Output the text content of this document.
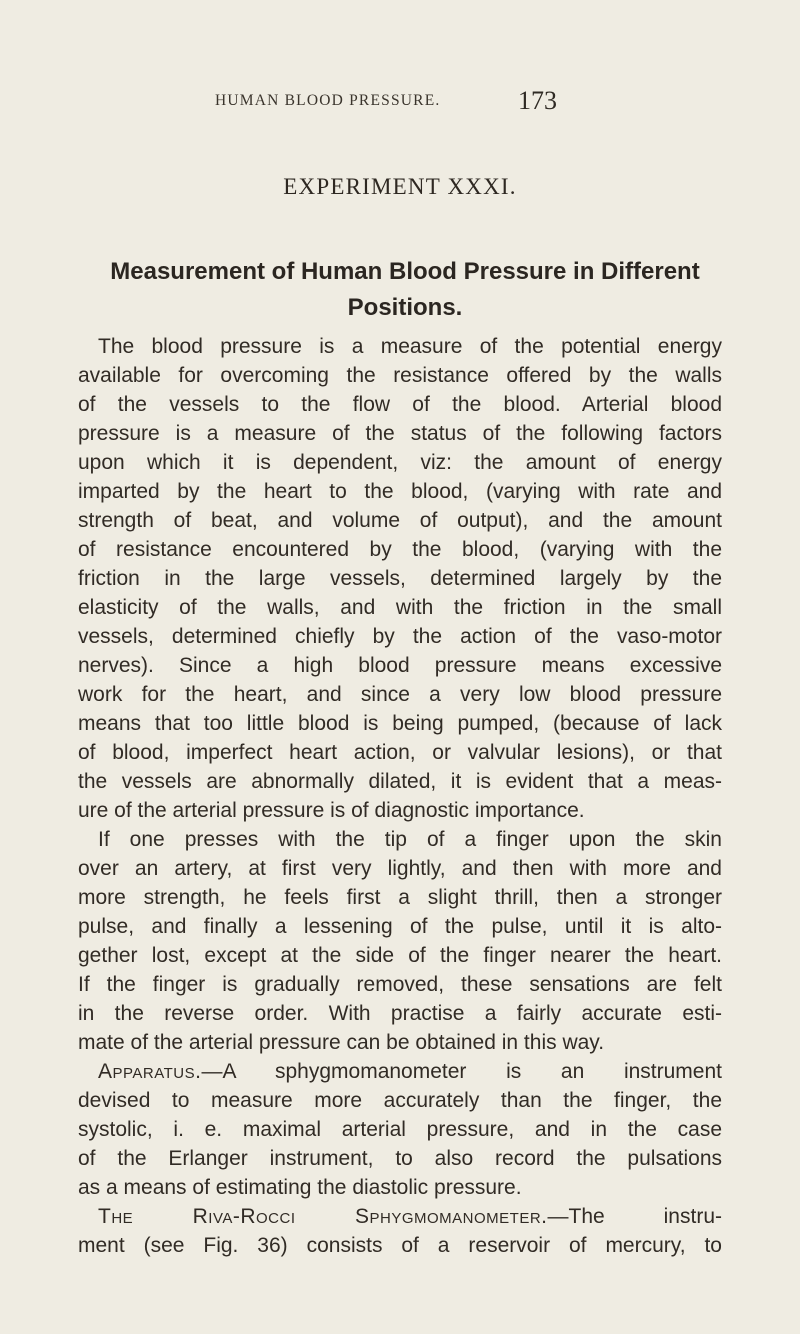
HUMAN BLOOD PRESSURE.	173
EXPERIMENT XXXI.
Measurement of Human Blood Pressure in Different
Positions.
The blood pressure is a measure of the potential energy
available for overcoming the resistance offered by the walls
of the vessels to the flow of the blood. Arterial blood
pressure is a measure of the status of the following factors
upon which it is dependent, viz: the amount of energy
imparted by the heart to the blood, (varying with rate and
strength of beat, and volume of output), and the amount
of resistance encountered by the blood, (varying with the
friction in the large vessels, determined largely by the
elasticity of the walls, and with the friction in the small
vessels, determined chiefly by the action of the vaso-motor
nerves). Since a high blood pressure means excessive
work for the heart, and since a very low blood pressure
means that too little blood is being pumped, (because of lack
of blood, imperfect heart action, or valvular lesions), or that
the vessels are abnormally dilated, it is evident that a meas-
ure of the arterial pressure is of diagnostic importance.
If one presses with the tip of a finger upon the skin
over an artery, at first very lightly, and then with more and
more strength, he feels first a slight thrill, then a stronger
pulse, and finally a lessening of the pulse, until it is alto-
gether lost, except at the side of the finger nearer the heart.
If the finger is gradually removed, these sensations are felt
in the reverse order. With practise a fairly accurate esti-
mate of the arterial pressure can be obtained in this way.
Apparatus.—A sphygmomanometer is an instrument
devised to measure more accurately than the finger, the
systolic, i. e. maximal arterial pressure, and in the case
of the Erlanger instrument, to also record the pulsations
as a means of estimating the diastolic pressure.
The Riva-Rocci Sphygmomanometer.—The instru-
ment (see Fig. 36) consists of a reservoir of mercury, to
